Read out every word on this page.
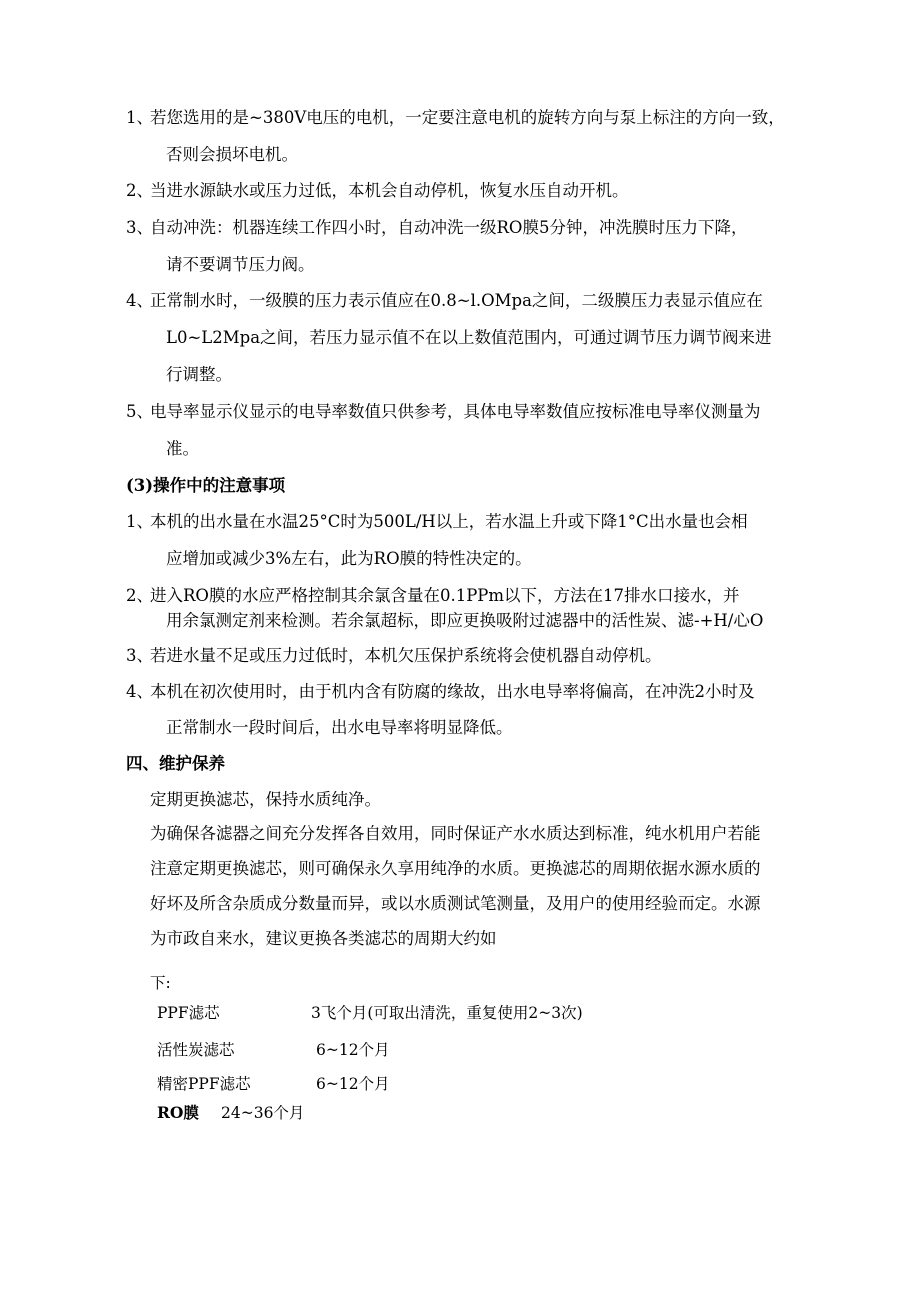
1、
若您选用的是~380V电压的电机，一定要注意电机的旋转方向与泵上标注的方向一致，
否则会损坏电机。
2、
当进水源缺水或压力过低，本机会自动停机，恢复水压自动开机。
3、
自动冲洗：机器连续工作四小时，自动冲洗一级RO膜5分钟，冲洗膜时压力下降，
请不要调节压力阀。
4、
正常制水时，一级膜的压力表示值应在0.8~l.OMpa之间，二级膜压力表显示值应在
L0~L2Mpa之间，若压力显示值不在以上数值范围内，可通过调节压力调节阀来进
行调整。
5、
电导率显示仪显示的电导率数值只供参考，具体电导率数值应按标准电导率仪测量为
准。
(3)操作中的注意事项
1、
本机的出水量在水温25°C时为500L/H以上，若水温上升或下降1°C出水量也会相
应增加或减少3%左右，此为RO膜的特性决定的。
2、
进入RO膜的水应严格控制其余氯含量在0.1PPm以下，方法在17排水口接水，并
用余氯测定剂来检测。若余氯超标，即应更换吸附过滤器中的活性炭、滤-+H/心O
3、
若进水量不足或压力过低时，本机欠压保护系统将会使机器自动停机。
4、
本机在初次使用时，由于机内含有防腐的缘故，出水电导率将偏高，在冲洗2小时及
正常制水一段时间后，出水电导率将明显降低。
四、维护保养
定期更换滤芯，保持水质纯净。
为确保各滤器之间充分发挥各自效用，同时保证产水水质达到标准，纯水机用户若能
注意定期更换滤芯，则可确保永久享用纯净的水质。更换滤芯的周期依据水源水质的
好坏及所含杂质成分数量而异，或以水质测试笔测量，及用户的使用经验而定。水源
为市政自来水，建议更换各类滤芯的周期大约如
下:
PPF滤芯	3飞个月(可取出清洗，重复使用2~3次)
活性炭滤芯	6~12个月
精密PPF滤芯	6~12个月
RO膜 24~36个月
